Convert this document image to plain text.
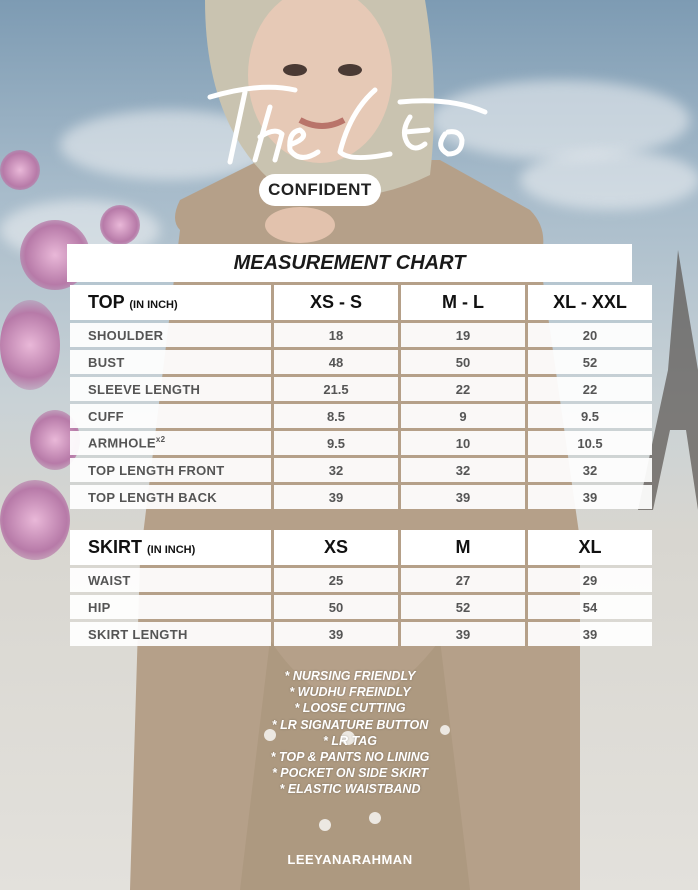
CONFIDENT
MEASUREMENT CHART
TOP (IN INCH)	XS - S	M - L	XL - XXL
SHOULDER	18	19	20
BUST	48	50	52
SLEEVE LENGTH	21.5	22	22
CUFF	8.5	9	9.5
$ARMHOLE^{x2}$	9.5	10	10.5
TOP LENGTH FRONT	32	32	32
TOP LENGTH BACK	39	39	39
SKIRT (IN INCH)	XS	M	XL
WAIST	25	27	29
HIP	50	52	54
SKIRT LENGTH	39	39	39
* NURSING FRIENDLY
* WUDHU FREINDLY
* LOOSE CUTTING
* LR SIGNATURE BUTTON
* LR TAG
* TOP & PANTS NO LINING
* POCKET ON SIDE SKIRT
* ELASTIC WAISTBAND
LEEYANARAHMAN
